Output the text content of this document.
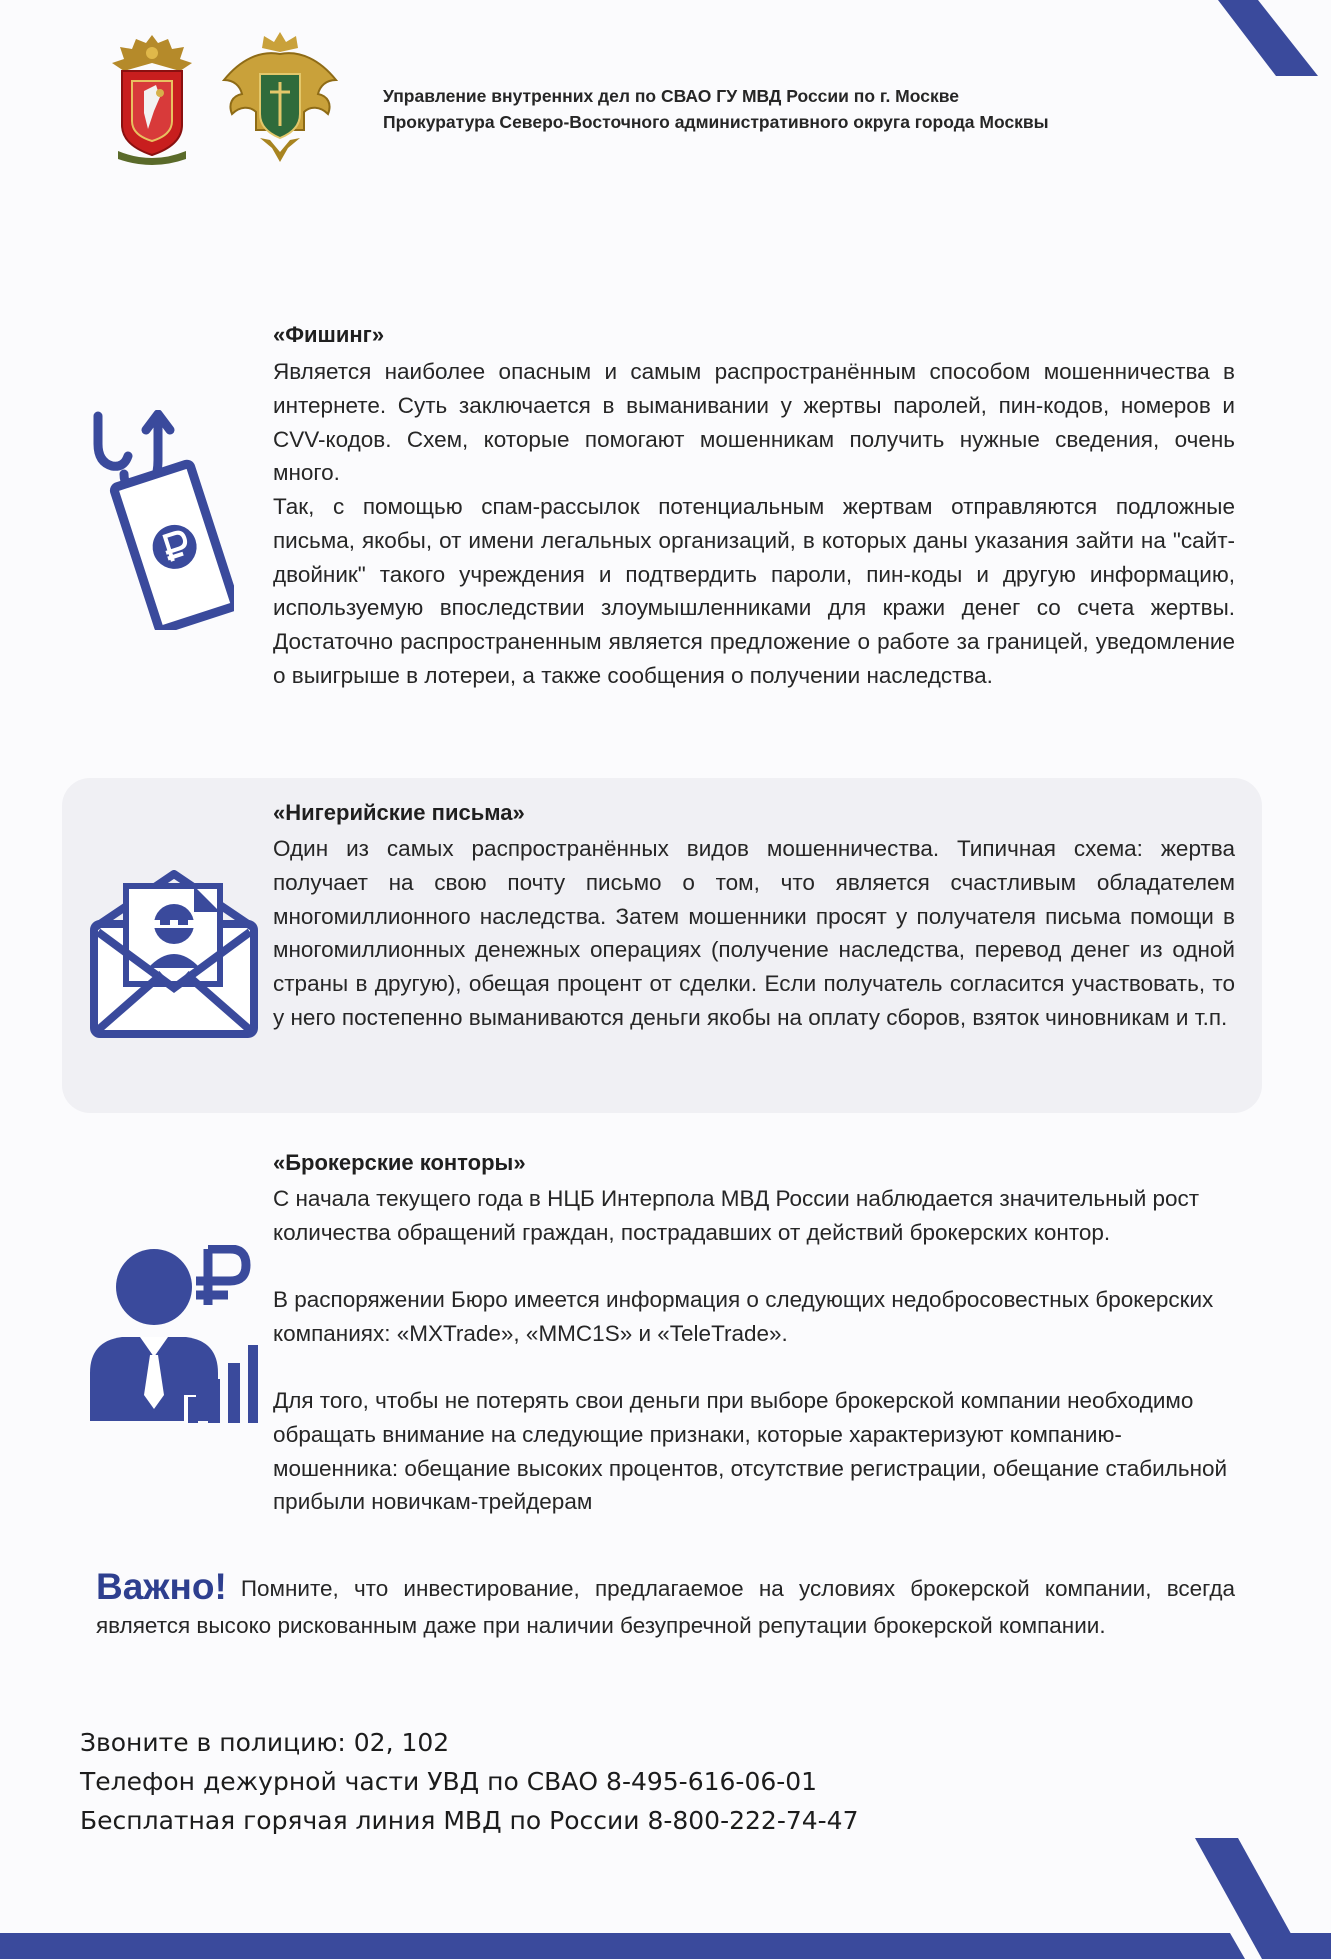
Управление внутренних дел по СВАО ГУ МВД России по г. Москве
Прокуратура Северо-Восточного административного округа города Москвы
«Фишинг»
Является наиболее опасным и самым распространённым способом мошенничества в интернете. Суть заключается в выманивании у жертвы паролей, пин-кодов, номеров и CVV-кодов. Схем, которые помогают мошенникам получить нужные сведения, очень много.
Так, с помощью спам-рассылок потенциальным жертвам отправляются подложные письма, якобы, от имени легальных организаций, в которых даны указания зайти на "сайт-двойник" такого учреждения и подтвердить пароли, пин-коды и другую информацию, используемую впоследствии злоумышленниками для кражи денег со счета жертвы. Достаточно распространенным является предложение о работе за границей, уведомление о выигрыше в лотереи, а также сообщения о получении наследства.
«Нигерийские письма»
Один из самых распространённых видов мошенничества. Типичная схема: жертва получает на свою почту письмо о том, что является счастливым обладателем многомиллионного наследства. Затем мошенники просят у получателя письма помощи в многомиллионных денежных операциях (получение наследства, перевод денег из одной страны в другую), обещая процент от сделки. Если получатель согласится участвовать, то у него постепенно выманиваются деньги якобы на оплату сборов, взяток чиновникам и т.п.
«Брокерские конторы»
С начала текущего года в НЦБ Интерпола МВД России наблюдается значительный рост количества обращений граждан, пострадавших от действий брокерских контор.
В распоряжении Бюро имеется информация о следующих недобросовестных брокерских компаниях: «MXTrade», «MMC1S» и «TeleTrade».
Для того, чтобы не потерять свои деньги при выборе брокерской компании необходимо обращать внимание на следующие признаки, которые характеризуют компанию-мошенника: обещание высоких процентов, отсутствие регистрации, обещание стабильной прибыли новичкам-трейдерам
Важно! Помните, что инвестирование, предлагаемое на условиях брокерской компании, всегда является высоко рискованным даже при наличии безупречной репутации брокерской компании.
Звоните в полицию: 02, 102
Телефон дежурной части УВД по СВАО 8-495-616-06-01
Бесплатная горячая линия МВД по России 8-800-222-74-47
